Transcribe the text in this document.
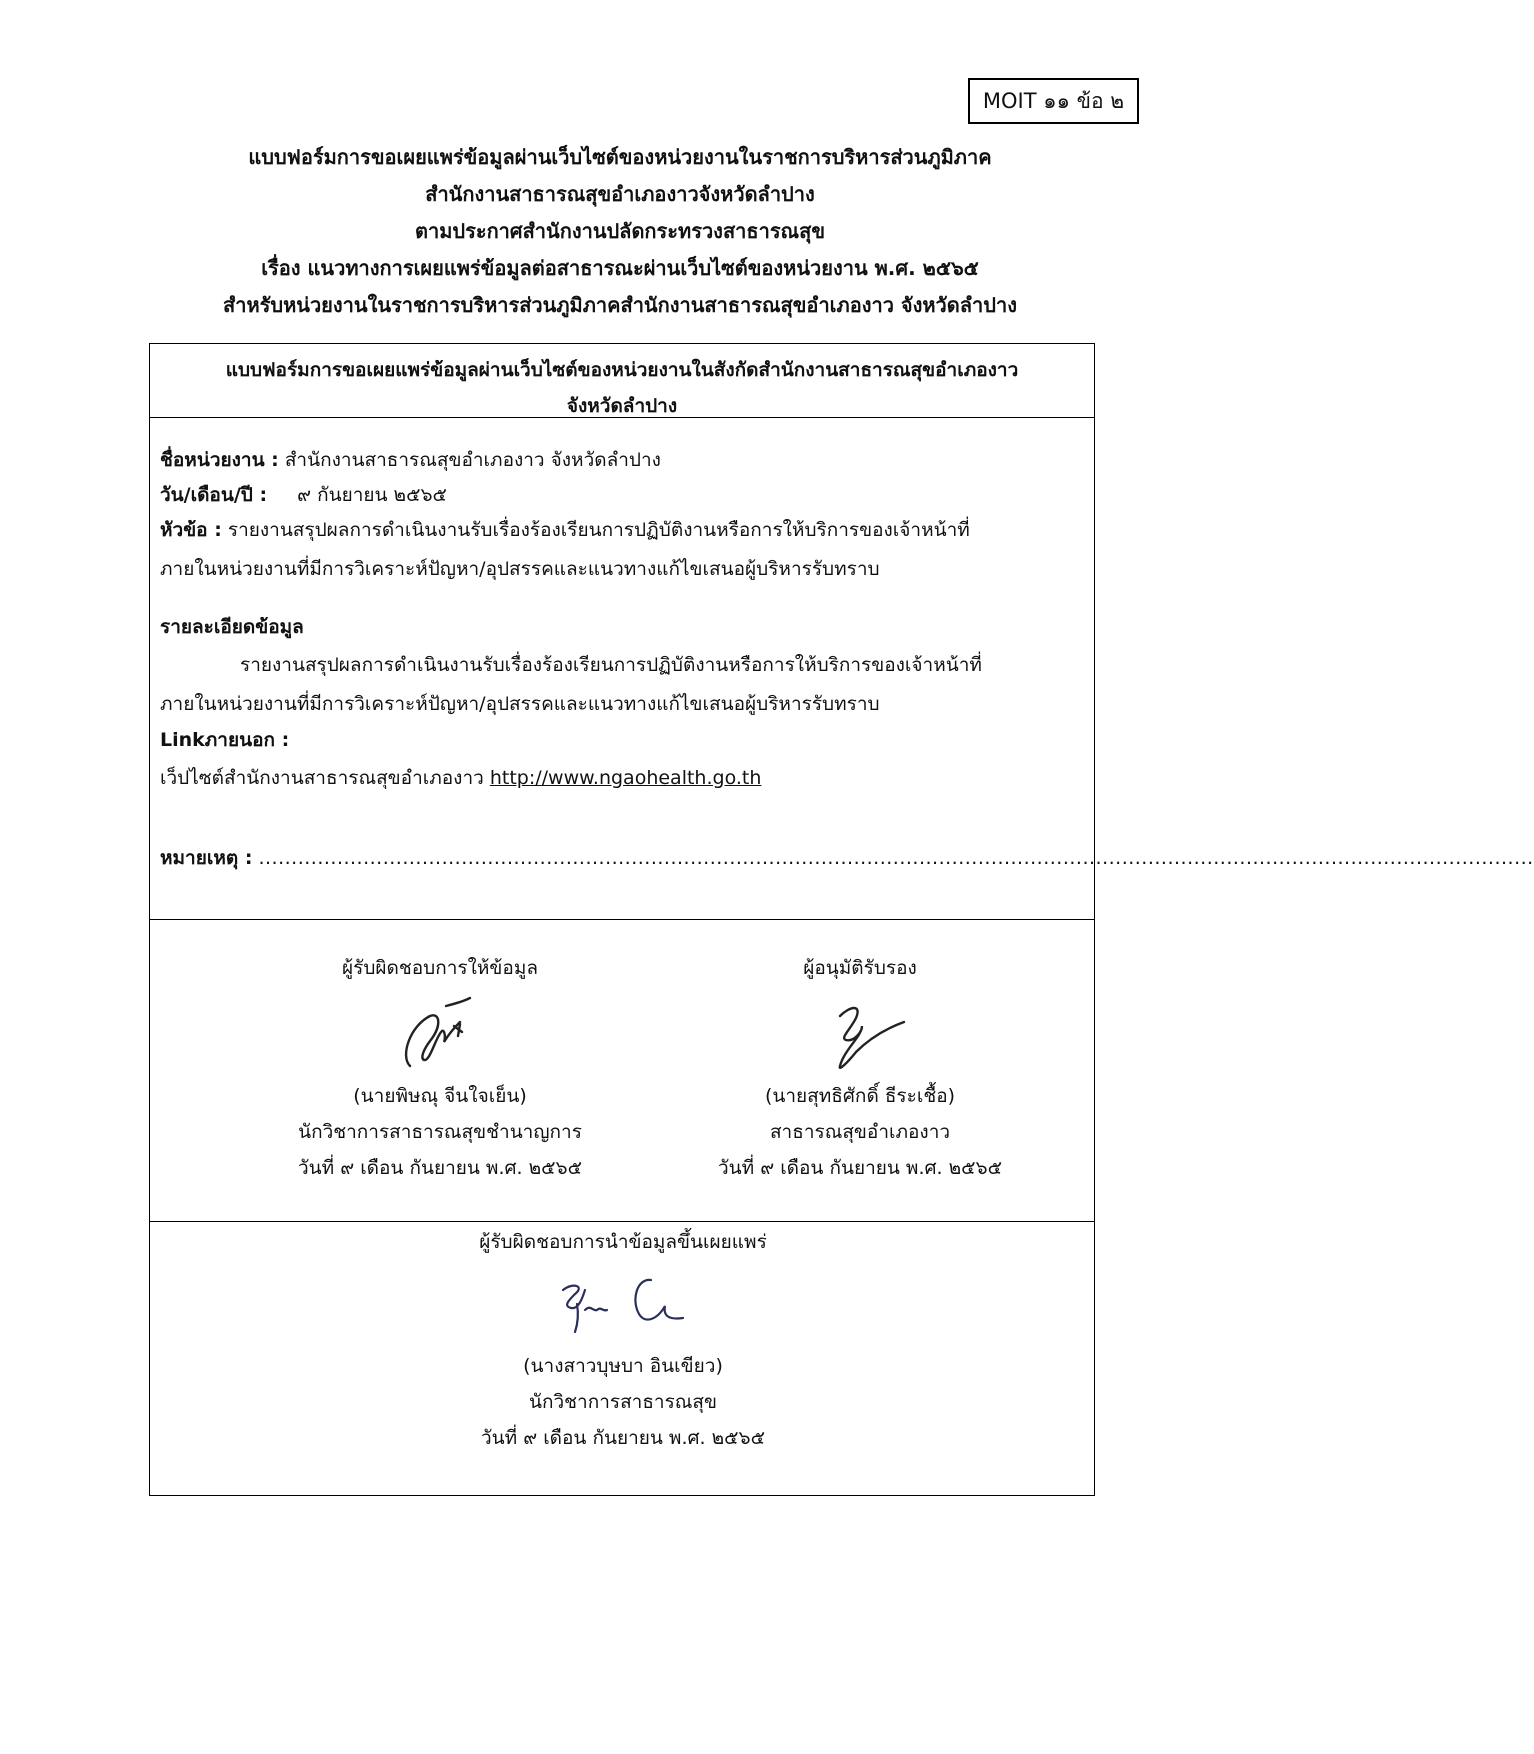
MOIT ๑๑ ข้อ ๒
แบบฟอร์มการขอเผยแพร่ข้อมูลผ่านเว็บไซต์ของหน่วยงานในราชการบริหารส่วนภูมิภาค
สำนักงานสาธารณสุขอำเภองาวจังหวัดลำปาง
ตามประกาศสำนักงานปลัดกระทรวงสาธารณสุข
เรื่อง แนวทางการเผยแพร่ข้อมูลต่อสาธารณะผ่านเว็บไซต์ของหน่วยงาน พ.ศ. ๒๕๖๕
สำหรับหน่วยงานในราชการบริหารส่วนภูมิภาคสำนักงานสาธารณสุขอำเภองาว จังหวัดลำปาง
แบบฟอร์มการขอเผยแพร่ข้อมูลผ่านเว็บไซต์ของหน่วยงานในสังกัดสำนักงานสาธารณสุขอำเภองาว
จังหวัดลำปาง
ชื่อหน่วยงาน : สำนักงานสาธารณสุขอำเภองาว จังหวัดลำปาง
วัน/เดือน/ปี : ๙ กันยายน ๒๕๖๕
หัวข้อ : รายงานสรุปผลการดำเนินงานรับเรื่องร้องเรียนการปฏิบัติงานหรือการให้บริการของเจ้าหน้าที่
ภายในหน่วยงานที่มีการวิเคราะห์ปัญหา/อุปสรรคและแนวทางแก้ไขเสนอผู้บริหารรับทราบ
รายละเอียดข้อมูล
รายงานสรุปผลการดำเนินงานรับเรื่องร้องเรียนการปฏิบัติงานหรือการให้บริการของเจ้าหน้าที่
ภายในหน่วยงานที่มีการวิเคราะห์ปัญหา/อุปสรรคและแนวทางแก้ไขเสนอผู้บริหารรับทราบ
Linkภายนอก :
เว็ปไซต์สำนักงานสาธารณสุขอำเภองาว http://www.ngaohealth.go.th
หมายเหตุ : ...................................................................................................................................................................................................
ผู้รับผิดชอบการให้ข้อมูล
(นายพิษณุ จีนใจเย็น)
นักวิชาการสาธารณสุขชำนาญการ
วันที่ ๙ เดือน กันยายน พ.ศ. ๒๕๖๕
ผู้อนุมัติรับรอง
(นายสุทธิศักดิ์ ธีระเชื้อ)
สาธารณสุขอำเภองาว
วันที่ ๙ เดือน กันยายน พ.ศ. ๒๕๖๕
ผู้รับผิดชอบการนำข้อมูลขึ้นเผยแพร่
(นางสาวบุษบา อินเขียว)
นักวิชาการสาธารณสุข
วันที่ ๙ เดือน กันยายน พ.ศ. ๒๕๖๕
